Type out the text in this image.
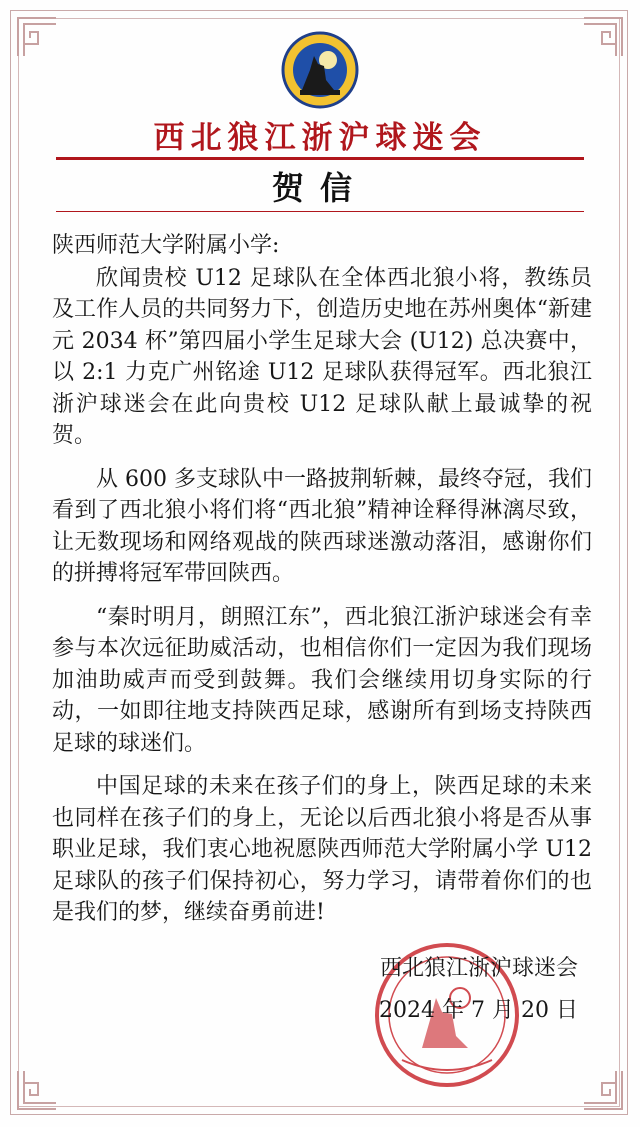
西北狼江浙沪球迷会
贺信

陕西师范大学附属小学:

欣闻贵校 U12 足球队在全体西北狼小将，教练员及工作人员的共同努力下，创造历史地在苏州奥体“新建元 2034 杯”第四届小学生足球大会 (U12) 总决赛中，以 2:1 力克广州铭途 U12 足球队获得冠军。西北狼江浙沪球迷会在此向贵校 U12 足球队献上最诚挚的祝贺。

从 600 多支球队中一路披荆斩棘，最终夺冠，我们看到了西北狼小将们将“西北狼”精神诠释得淋漓尽致，让无数现场和网络观战的陕西球迷激动落泪，感谢你们的拼搏将冠军带回陕西。

“秦时明月，朗照江东”，西北狼江浙沪球迷会有幸参与本次远征助威活动，也相信你们一定因为我们现场加油助威声而受到鼓舞。我们会继续用切身实际的行动，一如即往地支持陕西足球，感谢所有到场支持陕西足球的球迷们。

中国足球的未来在孩子们的身上，陕西足球的未来也同样在孩子们的身上，无论以后西北狼小将是否从事职业足球，我们衷心地祝愿陕西师范大学附属小学 U12 足球队的孩子们保持初心，努力学习，请带着你们的也是我们的梦，继续奋勇前进!

西北狼江浙沪球迷会
2024 年 7 月 20 日
